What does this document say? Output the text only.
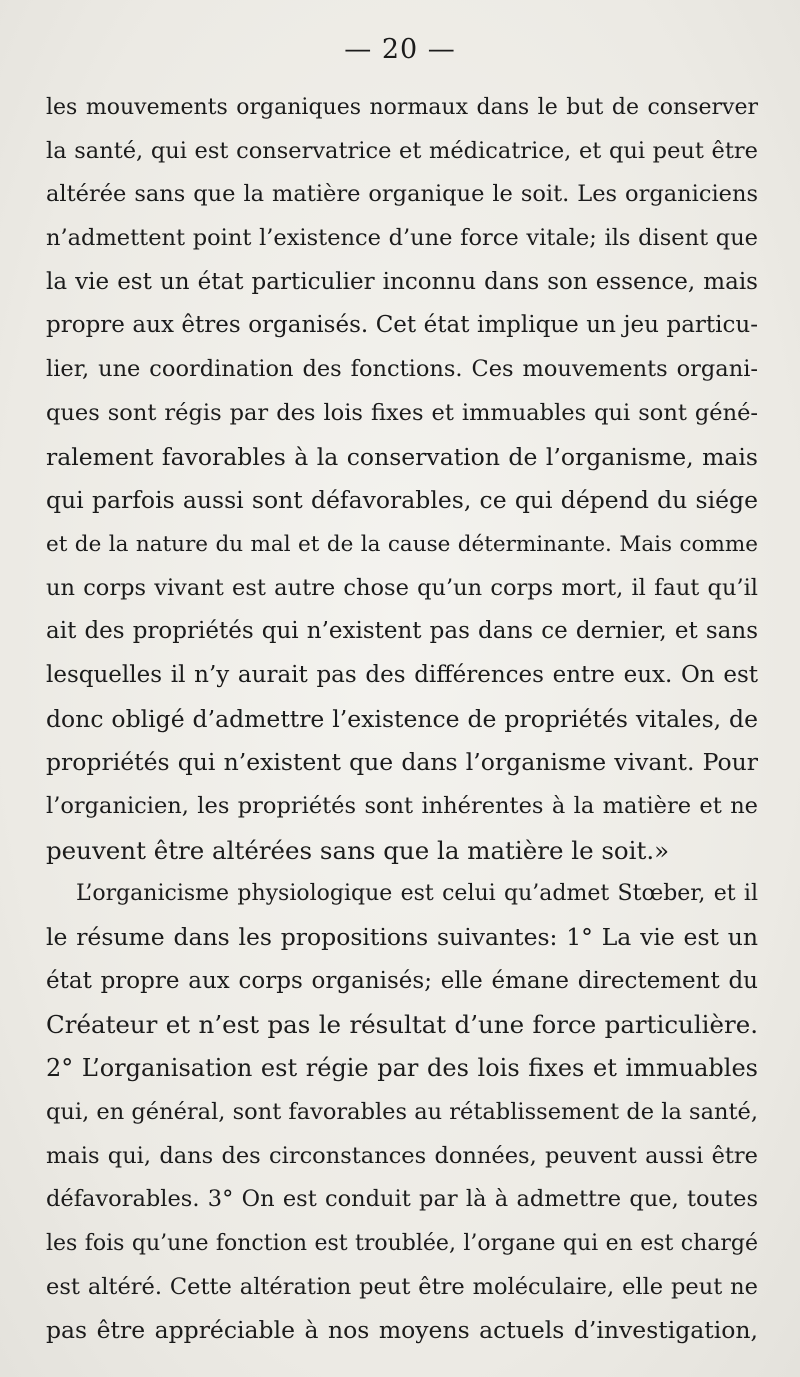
— 20 —
les mouvements organiques normaux dans le but de conserver
la santé, qui est conservatrice et médicatrice, et qui peut être
altérée sans que la matière organique le soit. Les organiciens
n’admettent point l’existence d’une force vitale; ils disent que
la vie est un état particulier inconnu dans son essence, mais
propre aux êtres organisés. Cet état implique un jeu particu-
lier, une coordination des fonctions. Ces mouvements organi-
ques sont régis par des lois fixes et immuables qui sont géné-
ralement favorables à la conservation de l’organisme, mais
qui parfois aussi sont défavorables, ce qui dépend du siége
et de la nature du mal et de la cause déterminante. Mais comme
un corps vivant est autre chose qu’un corps mort, il faut qu’il
ait des propriétés qui n’existent pas dans ce dernier, et sans
lesquelles il n’y aurait pas des différences entre eux. On est
donc obligé d’admettre l’existence de propriétés vitales, de
propriétés qui n’existent que dans l’organisme vivant. Pour
l’organicien, les propriétés sont inhérentes à la matière et ne
peuvent être altérées sans que la matière le soit.»
L’organicisme physiologique est celui qu’admet Stœber, et il
le résume dans les propositions suivantes: 1° La vie est un
état propre aux corps organisés; elle émane directement du
Créateur et n’est pas le résultat d’une force particulière.
2° L’organisation est régie par des lois fixes et immuables
qui, en général, sont favorables au rétablissement de la santé,
mais qui, dans des circonstances données, peuvent aussi être
défavorables. 3° On est conduit par là à admettre que, toutes
les fois qu’une fonction est troublée, l’organe qui en est chargé
est altéré. Cette altération peut être moléculaire, elle peut ne
pas être appréciable à nos moyens actuels d’investigation,
